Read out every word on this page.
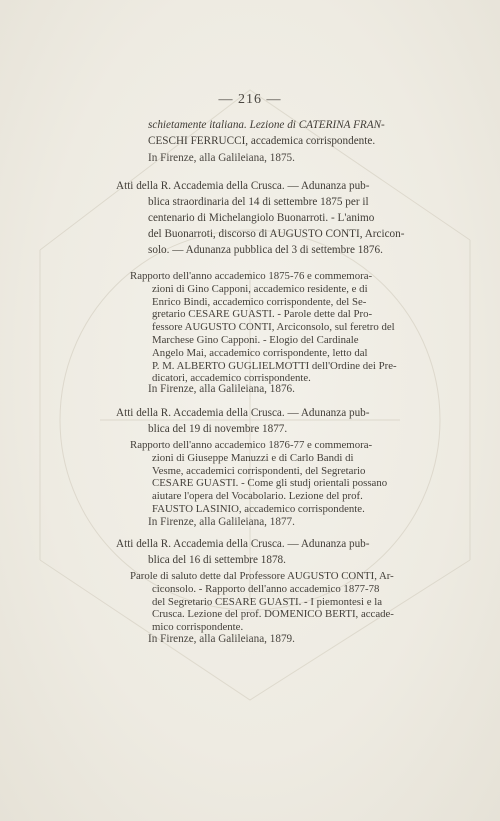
— 216 —
schietamente italiana. Lezione di CATERINA FRAN-
CESCHI FERRUCCI, accademica corrispondente.
In Firenze, alla Galileiana, 1875.
Atti della R. Accademia della Crusca. — Adunanza pub-
blica straordinaria del 14 di settembre 1875 per il
centenario di Michelangiolo Buonarroti. - L'animo
del Buonarroti, discorso di AUGUSTO CONTI, Arcicon-
solo. — Adunanza pubblica del 3 di settembre 1876.
Rapporto dell'anno accademico 1875-76 e commemora-
zioni di Gino Capponi, accademico residente, e di
Enrico Bindi, accademico corrispondente, del Se-
gretario CESARE GUASTI. - Parole dette dal Pro-
fessore AUGUSTO CONTI, Arciconsolo, sul feretro del
Marchese Gino Capponi. - Elogio del Cardinale
Angelo Mai, accademico corrispondente, letto dal
P. M. ALBERTO GUGLIELMOTTI dell'Ordine dei Pre-
dicatori, accademico corrispondente.
In Firenze, alla Galileiana, 1876.
Atti della R. Accademia della Crusca. — Adunanza pub-
blica del 19 di novembre 1877.
Rapporto dell'anno accademico 1876-77 e commemora-
zioni di Giuseppe Manuzzi e di Carlo Bandi di
Vesme, accademici corrispondenti, del Segretario
CESARE GUASTI. - Come gli studj orientali possano
aiutare l'opera del Vocabolario. Lezione del prof.
FAUSTO LASINIO, accademico corrispondente.
In Firenze, alla Galileiana, 1877.
Atti della R. Accademia della Crusca. — Adunanza pub-
blica del 16 di settembre 1878.
Parole di saluto dette dal Professore AUGUSTO CONTI, Ar-
ciconsolo. - Rapporto dell'anno accademico 1877-78
del Segretario CESARE GUASTI. - I piemontesi e la
Crusca. Lezione del prof. DOMENICO BERTI, accade-
mico corrispondente.
In Firenze, alla Galileiana, 1879.
